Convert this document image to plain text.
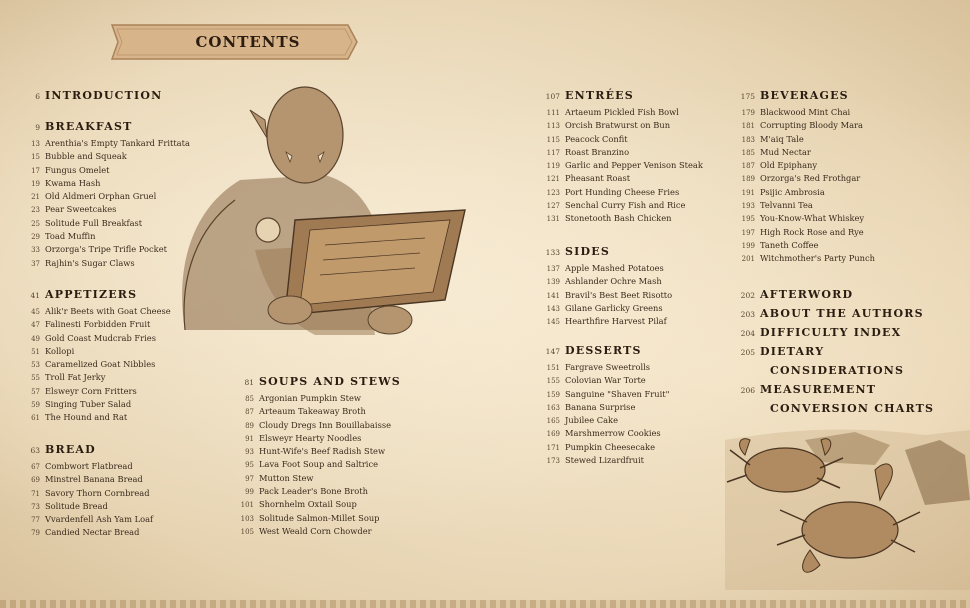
CONTENTS
6 INTRODUCTION
9 BREAKFAST
13 Arenthia's Empty Tankard Frittata
15 Bubble and Squeak
17 Fungus Omelet
19 Kwama Hash
21 Old Aldmeri Orphan Gruel
23 Pear Sweetcakes
25 Solitude Full Breakfast
29 Toad Muffin
33 Orzorga's Tripe Trifle Pocket
37 Rajhin's Sugar Claws
41 APPETIZERS
45 Alik'r Beets with Goat Cheese
47 Falinesti Forbidden Fruit
49 Gold Coast Mudcrab Fries
51 Kollopi
53 Caramelized Goat Nibbles
55 Troll Fat Jerky
57 Elsweyr Corn Fritters
59 Singing Tuber Salad
61 The Hound and Rat
63 BREAD
67 Combwort Flatbread
69 Minstrel Banana Bread
71 Savory Thorn Cornbread
73 Solitude Bread
77 Vvardenfell Ash Yam Loaf
79 Candied Nectar Bread
81 SOUPS AND STEWS
85 Argonian Pumpkin Stew
87 Arteaum Takeaway Broth
89 Cloudy Dregs Inn Bouillabaisse
91 Elsweyr Hearty Noodles
93 Hunt-Wife's Beef Radish Stew
95 Lava Foot Soup and Saltrice
97 Mutton Stew
99 Pack Leader's Bone Broth
101 Shornhelm Oxtail Soup
103 Solitude Salmon-Millet Soup
105 West Weald Corn Chowder
107 ENTRÉES
111 Artaeum Pickled Fish Bowl
113 Orcish Bratwurst on Bun
115 Peacock Confit
117 Roast Branzino
119 Garlic and Pepper Venison Steak
121 Pheasant Roast
123 Port Hunding Cheese Fries
127 Senchal Curry Fish and Rice
131 Stonetooth Bash Chicken
133 SIDES
137 Apple Mashed Potatoes
139 Ashlander Ochre Mash
141 Bravil's Best Beet Risotto
143 Gilane Garlicky Greens
145 Hearthfire Harvest Pilaf
147 DESSERTS
151 Fargrave Sweetrolls
155 Colovian War Torte
159 Sanguine "Shaven Fruit"
163 Banana Surprise
165 Jubilee Cake
169 Marshmerrow Cookies
171 Pumpkin Cheesecake
173 Stewed Lizardfruit
175 BEVERAGES
179 Blackwood Mint Chai
181 Corrupting Bloody Mara
183 M'aiq Tale
185 Mud Nectar
187 Old Epiphany
189 Orzorga's Red Frothgar
191 Psijic Ambrosia
193 Telvanni Tea
195 You-Know-What Whiskey
197 High Rock Rose and Rye
199 Taneth Coffee
201 Witchmother's Party Punch
202 AFTERWORD
203 ABOUT THE AUTHORS
204 DIFFICULTY INDEX
205 DIETARY
CONSIDERATIONS
206 MEASUREMENT
CONVERSION CHARTS
